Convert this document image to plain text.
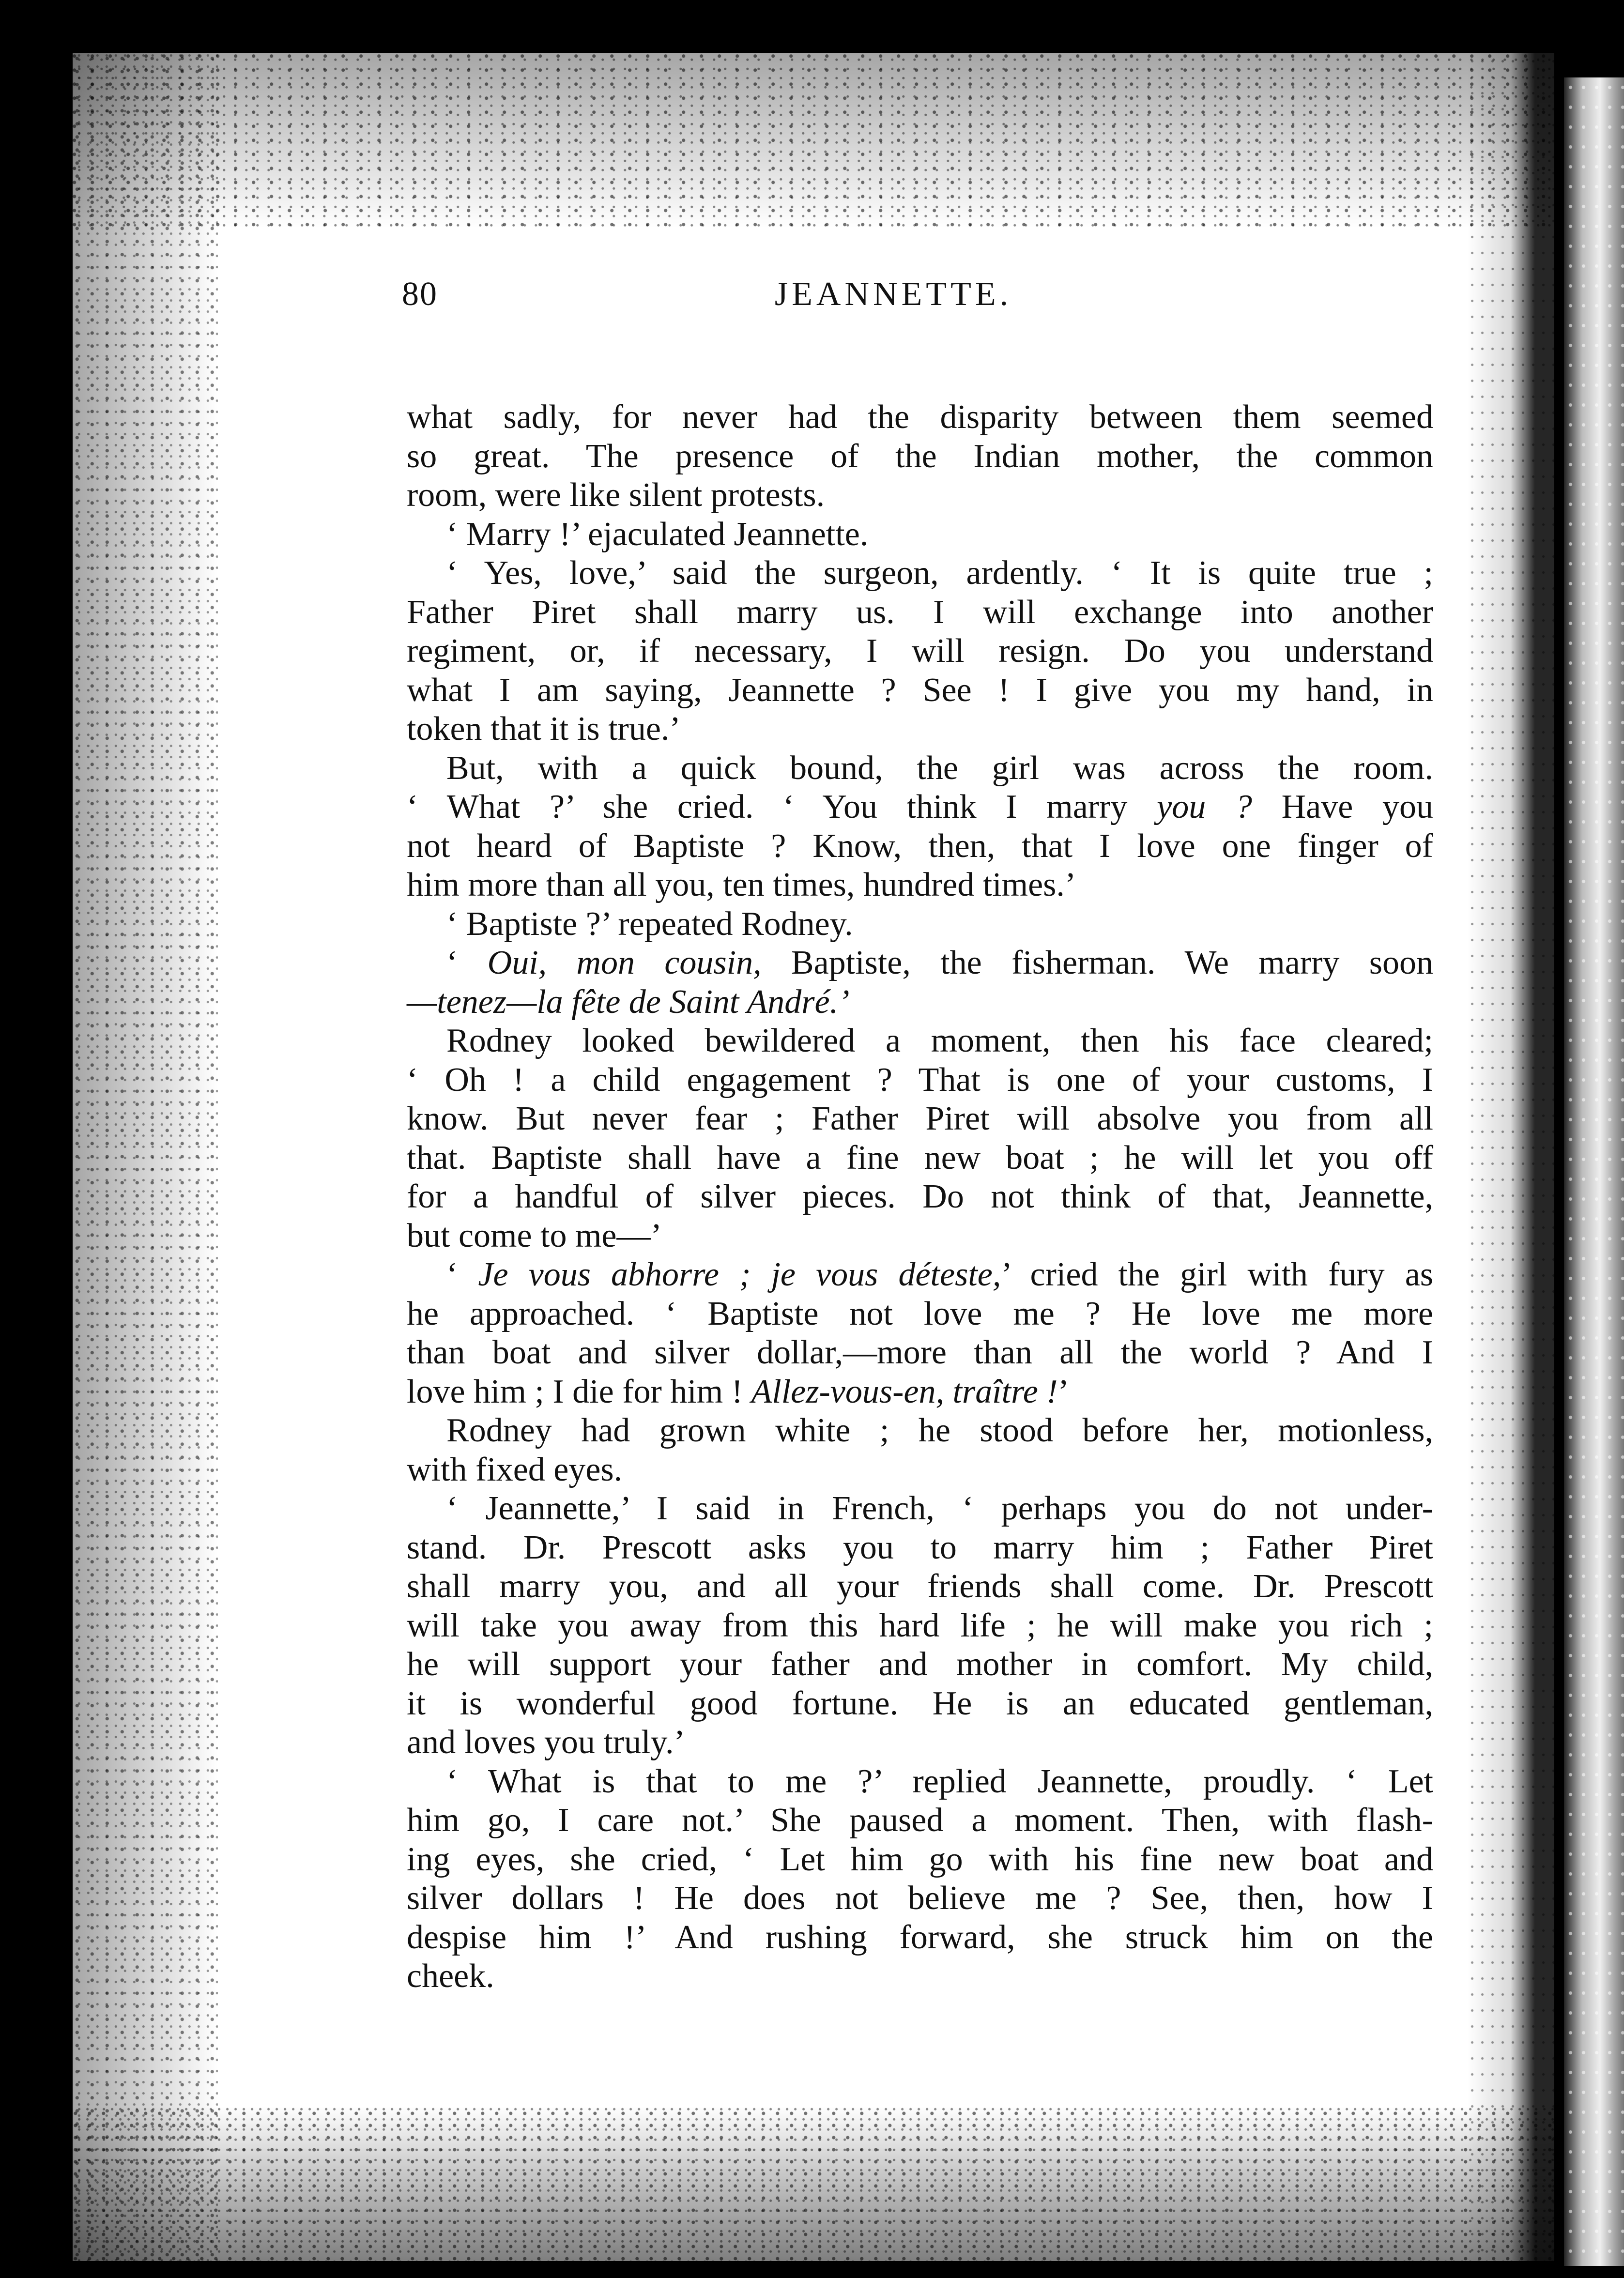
80	JEANNETTE.
what sadly, for never had the disparity between them seemed
so great. The presence of the Indian mother, the common
room, were like silent protests.
‘ Marry !’ ejaculated Jeannette.
‘ Yes, love,’ said the surgeon, ardently. ‘ It is quite true ;
Father Piret shall marry us. I will exchange into another
regiment, or, if necessary, I will resign. Do you understand
what I am saying, Jeannette ? See ! I give you my hand, in
token that it is true.’
But, with a quick bound, the girl was across the room.
‘ What ?’ she cried. ‘ You think I marry you ? Have you
not heard of Baptiste ? Know, then, that I love one finger of
him more than all you, ten times, hundred times.’
‘ Baptiste ?’ repeated Rodney.
‘ Oui, mon cousin, Baptiste, the fisherman. We marry soon
—tenez—la fête de Saint André.’
Rodney looked bewildered a moment, then his face cleared;
‘ Oh ! a child engagement ? That is one of your customs, I
know. But never fear ; Father Piret will absolve you from all
that. Baptiste shall have a fine new boat ; he will let you off
for a handful of silver pieces. Do not think of that, Jeannette,
but come to me—’
‘ Je vous abhorre ; je vous déteste,’ cried the girl with fury as
he approached. ‘ Baptiste not love me ? He love me more
than boat and silver dollar,—more than all the world ? And I
love him ; I die for him ! Allez-vous-en, traître !’
Rodney had grown white ; he stood before her, motionless,
with fixed eyes.
‘ Jeannette,’ I said in French, ‘ perhaps you do not under-
stand. Dr. Prescott asks you to marry him ; Father Piret
shall marry you, and all your friends shall come. Dr. Prescott
will take you away from this hard life ; he will make you rich ;
he will support your father and mother in comfort. My child,
it is wonderful good fortune. He is an educated gentleman,
and loves you truly.’
‘ What is that to me ?’ replied Jeannette, proudly. ‘ Let
him go, I care not.’ She paused a moment. Then, with flash-
ing eyes, she cried, ‘ Let him go with his fine new boat and
silver dollars ! He does not believe me ? See, then, how I
despise him !’ And rushing forward, she struck him on the
cheek.
